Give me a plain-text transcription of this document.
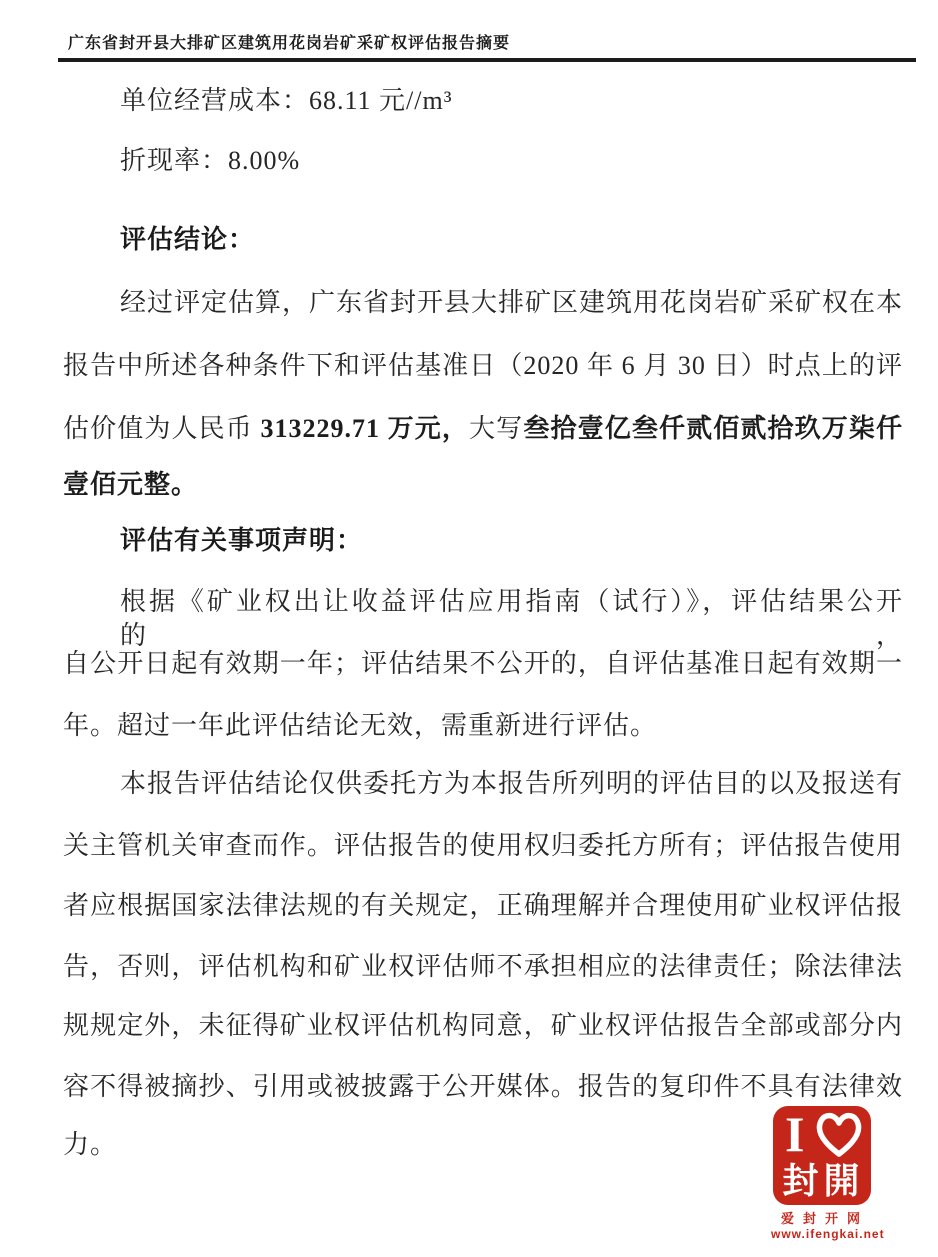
广东省封开县大排矿区建筑用花岗岩矿采矿权评估报告摘要
单位经营成本：68.11 元//m³
折现率：8.00%
评估结论：
经过评定估算，广东省封开县大排矿区建筑用花岗岩矿采矿权在本
报告中所述各种条件下和评估基准日（2020 年 6 月 30 日）时点上的评
估价值为人民币 313229.71 万元，大写叁拾壹亿叁仟贰佰贰拾玖万柒仟
壹佰元整。
评估有关事项声明：
根据《矿业权出让收益评估应用指南（试行）》，评估结果公开的，
自公开日起有效期一年；评估结果不公开的，自评估基准日起有效期一
年。超过一年此评估结论无效，需重新进行评估。
本报告评估结论仅供委托方为本报告所列明的评估目的以及报送有
关主管机关审查而作。评估报告的使用权归委托方所有；评估报告使用
者应根据国家法律法规的有关规定，正确理解并合理使用矿业权评估报
告，否则，评估机构和矿业权评估师不承担相应的法律责任；除法律法
规规定外，未征得矿业权评估机构同意，矿业权评估报告全部或部分内
容不得被摘抄、引用或被披露于公开媒体。报告的复印件不具有法律效
力。	I
封開
爱封开网
www.ifengkai.net
